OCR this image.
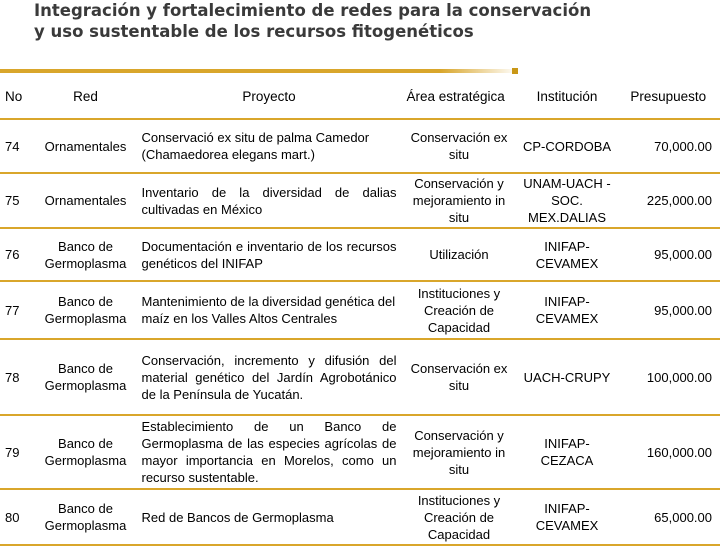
Integración y fortalecimiento de redes para la conservación y uso sustentable de los recursos fitogenéticos
No	Red	Proyecto	Área estratégica	Institución	Presupuesto
74	Ornamentales	Conservació ex situ de palma Camedor (Chamaedorea elegans mart.)	Conservación ex situ	CP-CORDOBA	70,000.00
75	Ornamentales	Inventario de la diversidad de dalias cultivadas en México	Conservación y mejoramiento in situ	UNAM-UACH - SOC. MEX.DALIAS	225,000.00
76	Banco de Germoplasma	Documentación e inventario de los recursos genéticos del INIFAP	Utilización	INIFAP-CEVAMEX	95,000.00
77	Banco de Germoplasma	Mantenimiento de la diversidad genética del maíz en los Valles Altos Centrales	Instituciones y Creación de Capacidad	INIFAP-CEVAMEX	95,000.00
78	Banco de Germoplasma	Conservación, incremento y difusión del material genético del Jardín Agrobotánico de la Península de Yucatán.	Conservación ex situ	UACH-CRUPY	100,000.00
79	Banco de Germoplasma	Establecimiento de un Banco de Germoplasma de las especies agrícolas de mayor importancia en Morelos, como un recurso sustentable.	Conservación y mejoramiento in situ	INIFAP-CEZACA	160,000.00
80	Banco de Germoplasma	Red de Bancos de Germoplasma	Instituciones y Creación de Capacidad	INIFAP-CEVAMEX	65,000.00
